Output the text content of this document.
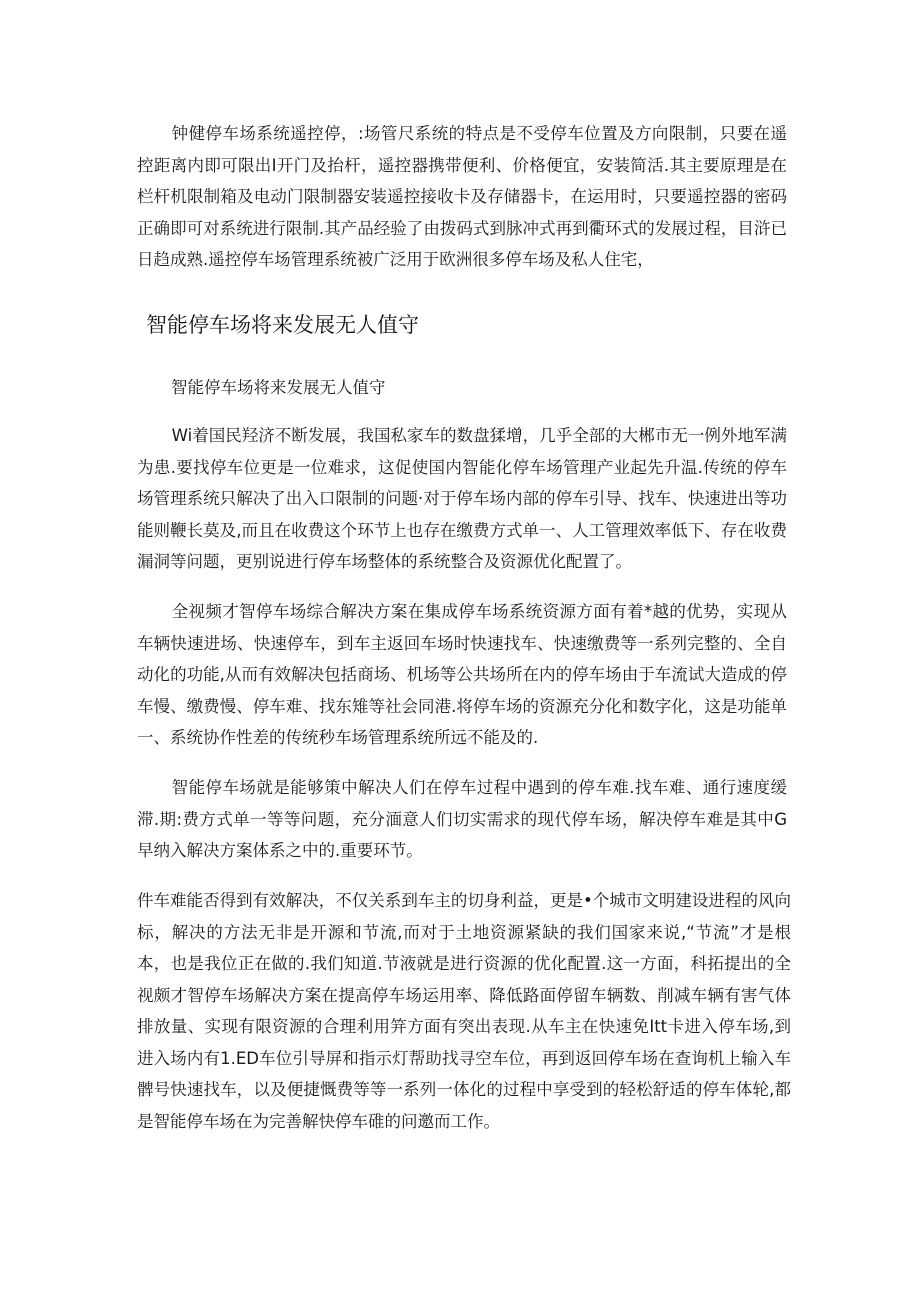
钟健停车场系统遥控停，:场管尺系统的特点是不受停车位置及方向限制，只要在遥控距离内即可限出Ⅰ开门及抬杆，遥控器携带便利、价格便宜，安装简活.其主要原理是在栏杆机限制箱及电动门限制器安装遥控接收卡及存储器卡，在运用时，只要遥控器的密码正确即可对系统进行限制.其产品经验了由拨码式到脉冲式再到衢环式的发展过程，目浒已日趋成熟.遥控停车场管理系统被广泛用于欧洲很多停车场及私人住宅，

智能停车场将来发展无人值守

智能停车场将来发展无人值守

Wi着国民羟济不断发展，我国私家车的数盘猱增，几乎全部的大郴市无一例外地军满为患.要找停车位更是一位难求，这促使国内智能化停车场管理产业起先升温.传统的停车场管理系统只解决了出入口限制的问题·对于停车场内部的停车引导、找车、快速进出等功能则鞭长莫及,而且在收费这个环节上也存在缴费方式单一、人工管理效率低下、存在收费漏洞等问题，更别说进行停车场整体的系统整合及资源优化配置了。

全视频才智停车场综合解决方案在集成停车场系统资源方面有着*越的优势，实现从车辆快速进场、快速停车，到车主返回车场时快速找车、快速缴费等一系列完整的、全自动化的功能,从而有效解决包括商场、机场等公共场所在内的停车场由于车流试大造成的停车慢、缴费慢、停车难、找东雉等社会同港.将停车场的资源充分化和数字化，这是功能单一、系统协作性差的传统秒车场管理系统所远不能及的.

智能停车场就是能够策中解决人们在停车过程中遇到的停车难.找车难、通行速度缓滞.期:费方式单一等等问题，充分湎意人们切实需求的现代停车场，解决停车难是其中G早纳入解决方案体系之中的.重要环节。

件车难能否得到有效解决，不仅关系到车主的切身利益，更是•个城市文明建设进程的风向标，解决的方法无非是开源和节流,而对于土地资源紧缺的我们国家来说,“节流”才是根本，也是我位正在做的.我们知道.节液就是进行资源的优化配置.这一方面，科拓提出的全视颇才智停车场解决方案在提高停车场运用率、降低路面停留车辆数、削减车辆有害气体排放量、实现有限资源的合理利用笄方面有突出表现.从车主在快速免Itt卡进入停车场,到进入场内有1.ED车位引导屏和指示灯帮助找寻空车位，再到返回停车场在查询机上输入车髀号快速找车，以及便捷慨费等等一系列一体化的过程中享受到的轻松舒适的停车体轮,都是智能停车场在为完善解快停车碓的问邀而工作。
